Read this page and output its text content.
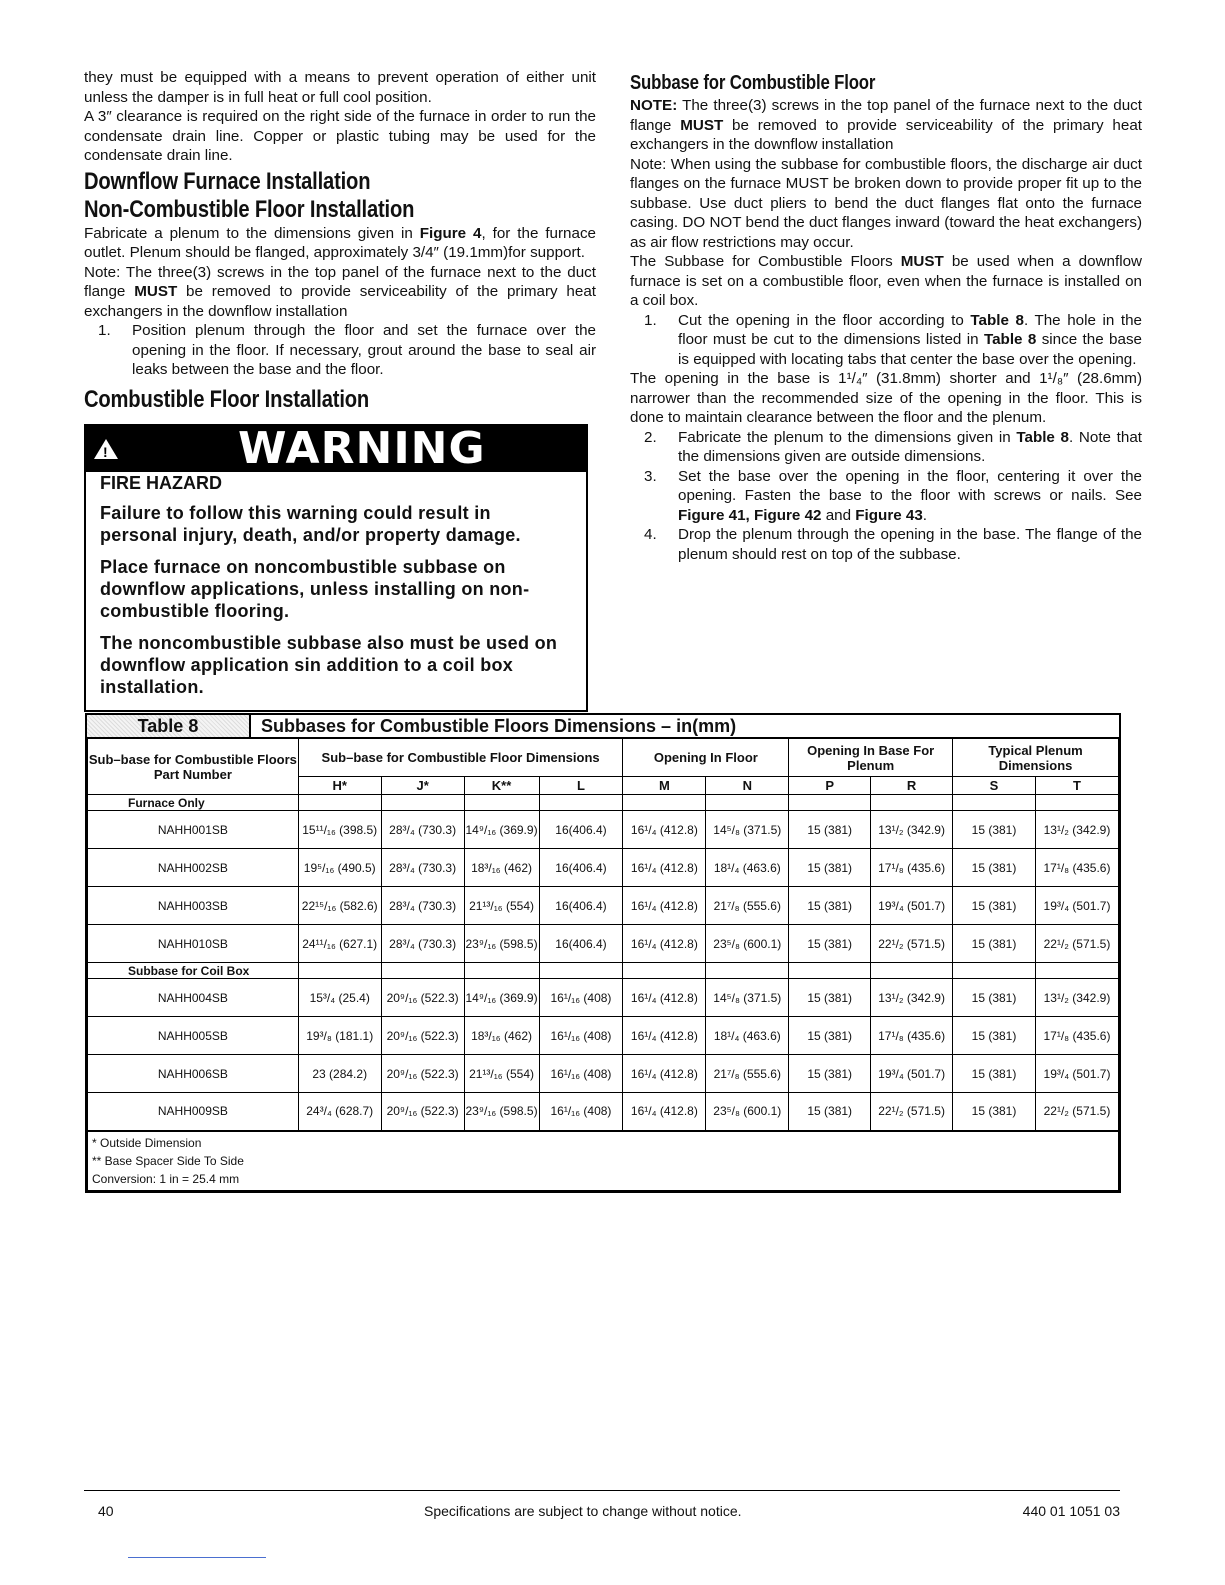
they must be equipped with a means to prevent operation of either unit unless the damper is in full heat or full cool position.

A 3″ clearance is required on the right side of the furnace in order to run the condensate drain line. Copper or plastic tubing may be used for the condensate drain line.

Downflow Furnace Installation
Non-Combustible Floor Installation

Fabricate a plenum to the dimensions given in Figure 4, for the furnace outlet. Plenum should be flanged, approximately 3/4″ (19.1mm)for support.

Note: The three(3) screws in the top panel of the furnace next to the duct flange MUST be removed to provide serviceability of the primary heat exchangers in the downflow installation

1. Position plenum through the floor and set the furnace over the opening in the floor. If necessary, grout around the base to seal air leaks between the base and the floor.
Combustible Floor Installation
!	WARNING
FIRE HAZARD

Failure to follow this warning could result in personal injury, death, and/or property damage.

Place furnace on noncombustible subbase on downflow applications, unless installing on non-combustible flooring.

The noncombustible subbase also must be used on downflow application sin addition to a coil box installation.

Subbase for Combustible Floor

NOTE: The three(3) screws in the top panel of the furnace next to the duct flange MUST be removed to provide serviceability of the primary heat exchangers in the downflow installation

Note: When using the subbase for combustible floors, the discharge air duct flanges on the furnace MUST be broken down to provide proper fit up to the subbase. Use duct pliers to bend the duct flanges flat onto the furnace casing. DO NOT bend the duct flanges inward (toward the heat exchangers) as air flow restrictions may occur.

The Subbase for Combustible Floors MUST be used when a downflow furnace is set on a combustible floor, even when the furnace is installed on a coil box.

1. Cut the opening in the floor according to Table 8. The hole in the floor must be cut to the dimensions listed in Table 8 since the base is equipped with locating tabs that center the base over the opening.

The opening in the base is 1¹/₄″ (31.8mm) shorter and 1¹/₈″ (28.6mm) narrower than the recommended size of the opening in the floor. This is done to maintain clearance between the floor and the plenum.

2. Fabricate the plenum to the dimensions given in Table 8. Note that the dimensions given are outside dimensions.
3. Set the base over the opening in the floor, centering it over the opening. Fasten the base to the floor with screws or nails. See Figure 41, Figure 42 and Figure 43.
4. Drop the plenum through the opening in the base. The flange of the plenum should rest on top of the subbase.
Table 8	Subbases for Combustible Floors Dimensions – in(mm)
Sub–base for Combustible Floors Part Number	Sub–base for Combustible Floor Dimensions				Opening In Floor		Opening In Base For Plenum		Typical Plenum Dimensions	
	H*	J*	K**	L	M	N	P	R	S	T
Furnace Only										
NAHH001SB	15¹¹/₁₆ (398.5)	28³/₄ (730.3)	14⁹/₁₆ (369.9)	16(406.4)	16¹/₄ (412.8)	14⁵/₈ (371.5)	15 (381)	13¹/₂ (342.9)	15 (381)	13¹/₂ (342.9)
NAHH002SB	19⁵/₁₆ (490.5)	28³/₄ (730.3)	18³/₁₆ (462)	16(406.4)	16¹/₄ (412.8)	18¹/₄ (463.6)	15 (381)	17¹/₈ (435.6)	15 (381)	17¹/₈ (435.6)
NAHH003SB	22¹⁵/₁₆ (582.6)	28³/₄ (730.3)	21¹³/₁₆ (554)	16(406.4)	16¹/₄ (412.8)	21⁷/₈ (555.6)	15 (381)	19³/₄ (501.7)	15 (381)	19³/₄ (501.7)
NAHH010SB	24¹¹/₁₆ (627.1)	28³/₄ (730.3)	23⁹/₁₆ (598.5)	16(406.4)	16¹/₄ (412.8)	23⁵/₈ (600.1)	15 (381)	22¹/₂ (571.5)	15 (381)	22¹/₂ (571.5)
Subbase for Coil Box										
NAHH004SB	15³/₄ (25.4)	20⁹/₁₆ (522.3)	14⁹/₁₆ (369.9)	16¹/₁₆ (408)	16¹/₄ (412.8)	14⁵/₈ (371.5)	15 (381)	13¹/₂ (342.9)	15 (381)	13¹/₂ (342.9)
NAHH005SB	19³/₈ (181.1)	20⁹/₁₆ (522.3)	18³/₁₆ (462)	16¹/₁₆ (408)	16¹/₄ (412.8)	18¹/₄ (463.6)	15 (381)	17¹/₈ (435.6)	15 (381)	17¹/₈ (435.6)
NAHH006SB	23 (284.2)	20⁹/₁₆ (522.3)	21¹³/₁₆ (554)	16¹/₁₆ (408)	16¹/₄ (412.8)	21⁷/₈ (555.6)	15 (381)	19³/₄ (501.7)	15 (381)	19³/₄ (501.7)
NAHH009SB	24³/₄ (628.7)	20⁹/₁₆ (522.3)	23⁹/₁₆ (598.5)	16¹/₁₆ (408)	16¹/₄ (412.8)	23⁵/₈ (600.1)	15 (381)	22¹/₂ (571.5)	15 (381)	22¹/₂ (571.5)

* Outside Dimension
** Base Spacer Side To Side
Conversion: 1 in = 25.4 mm										
40	Specifications are subject to change without notice.	440 01 1051 03
